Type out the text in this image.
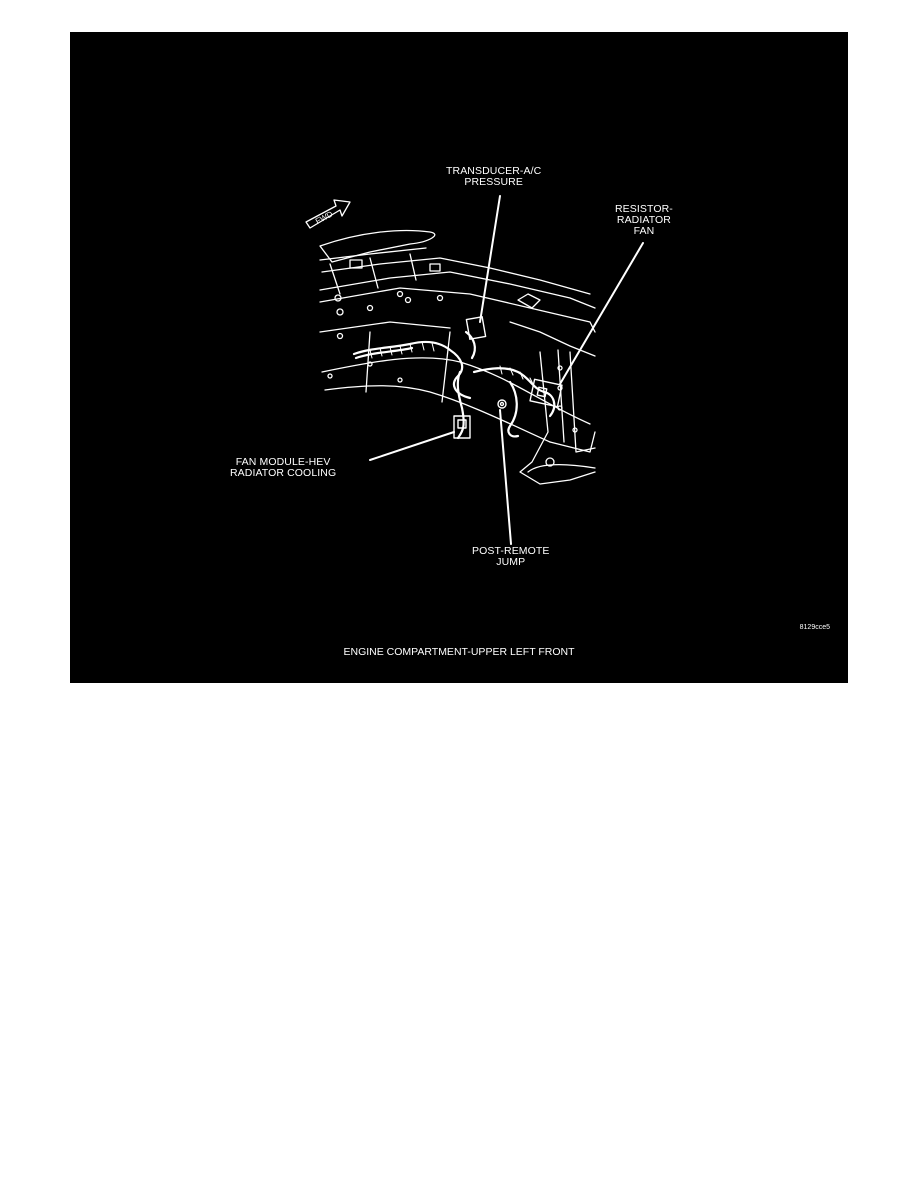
FWD
TRANSDUCER-A/C
PRESSURE
RESISTOR-
RADIATOR
FAN
FAN MODULE-HEV
RADIATOR COOLING
POST-REMOTE
JUMP
8129cce5
ENGINE COMPARTMENT-UPPER LEFT FRONT
